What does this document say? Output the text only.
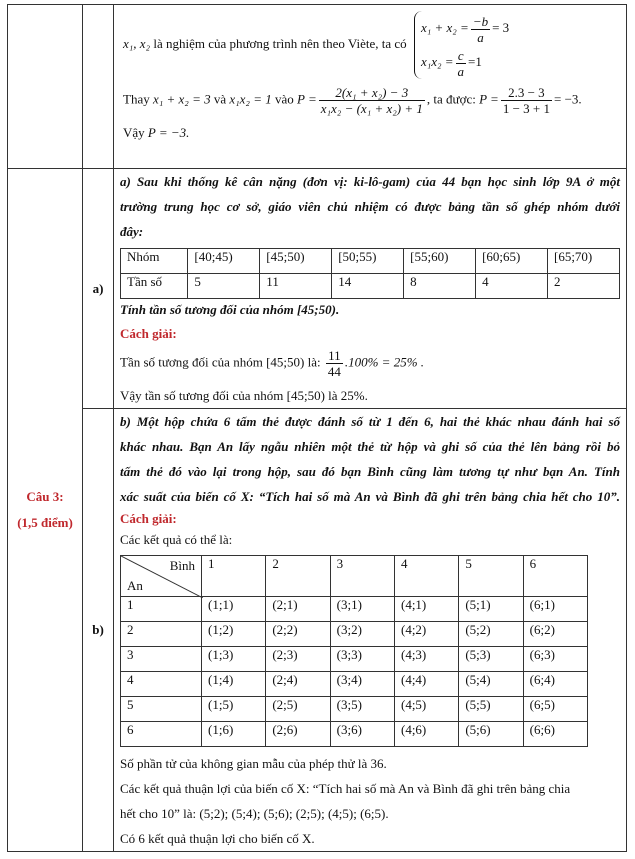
x₁, x₂ là nghiệm của phương trình nên theo Viète, ta có
$x_1 + x_2 = \frac{-b}{a} = 3$
$x_1x_2 = \frac{c}{a} =1$
Thay x₁ + x₂ = 3 và x₁x₂ = 1 vào $P = \frac{\text{2(x₁ + x₂) − 3}}{\text{x₁x₂ − (x₁ + x₂) + 1}}$ , ta được: $P = \frac{2.3 - 3}{1 - 3 + 1} = -3$.
Vậy P = −3.

Câu 3:
(1,5 điểm)
	a)	
a) Sau khi thống kê cân nặng (đơn vị: ki-lô-gam) của 44 bạn học sinh lớp 9A ở một
trường trung học cơ sở, giáo viên chủ nhiệm có được bảng tần số ghép nhóm dưới
đây:
Nhóm	[40;45)	[45;50)	[50;55)	[55;60)	[60;65)	[65;70)
Tần số	5	11	14	8	4	2
Tính tần số tương đối của nhóm [45;50).
Cách giải:
Tần số tương đối của nhóm [45;50) là: $\frac{11}{44} .100\% = 25\%$ .
Vậy tần số tương đối của nhóm [45;50) là 25%.

b)	
b) Một hộp chứa 6 tấm thẻ được đánh số từ 1 đến 6, hai thẻ khác nhau đánh hai số
khác nhau. Bạn An lấy ngẫu nhiên một thẻ từ hộp và ghi số của thẻ lên bảng rồi bỏ
tấm thẻ đó vào lại trong hộp, sau đó bạn Bình cũng làm tương tự như bạn An. Tính
xác suất của biến cố X: “Tích hai số mà An và Bình đã ghi trên bảng chia hết cho 10”.
Cách giải:
Các kết quả có thể là:
Bình
An
	1	2	3	4	5	6
1	(1;1)	(2;1)	(3;1)	(4;1)	(5;1)	(6;1)
2	(1;2)	(2;2)	(3;2)	(4;2)	(5;2)	(6;2)
3	(1;3)	(2;3)	(3;3)	(4;3)	(5;3)	(6;3)
4	(1;4)	(2;4)	(3;4)	(4;4)	(5;4)	(6;4)
5	(1;5)	(2;5)	(3;5)	(4;5)	(5;5)	(6;5)
6	(1;6)	(2;6)	(3;6)	(4;6)	(5;6)	(6;6)
Số phần tử của không gian mẫu của phép thử là 36.
Các kết quả thuận lợi của biến cố X: “Tích hai số mà An và Bình đã ghi trên bảng chia
hết cho 10” là: (5;2); (5;4); (5;6); (2;5); (4;5); (6;5).
Có 6 kết quả thuận lợi cho biến cố X.
